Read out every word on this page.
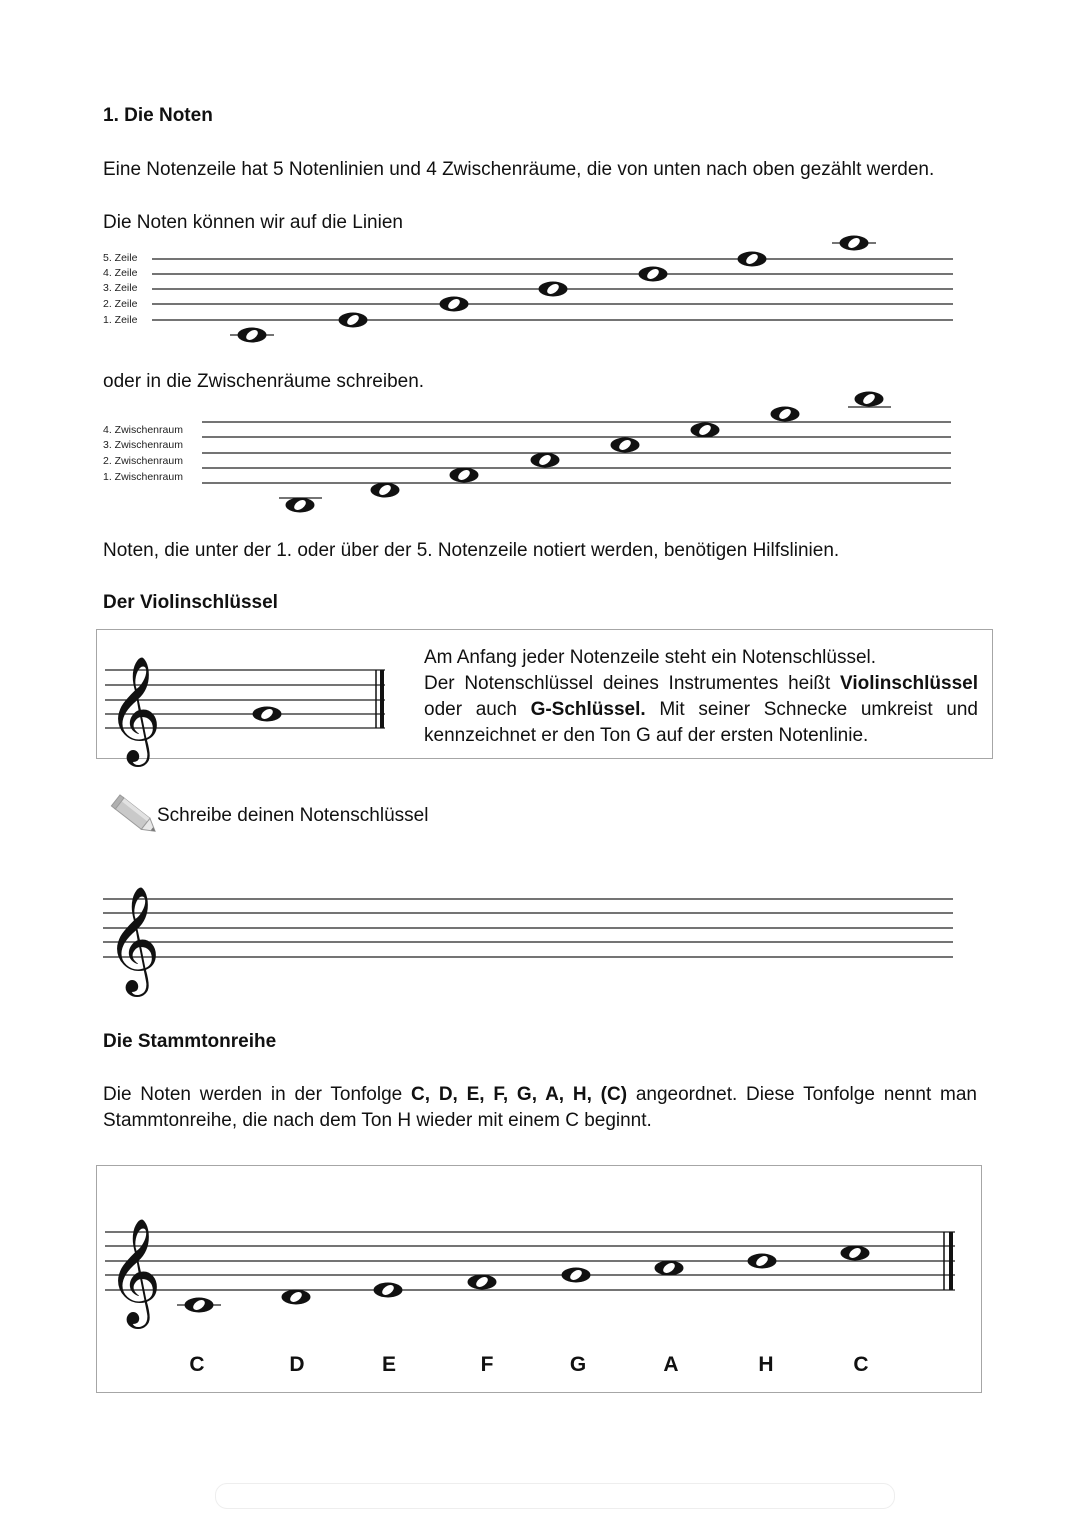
1. Die Noten
Eine Notenzeile hat 5 Notenlinien und 4 Zwischenräume, die von unten nach oben gezählt werden.
Die Noten können wir auf die Linien
5. Zeile
4. Zeile
3. Zeile
2. Zeile
1. Zeile
oder in die Zwischenräume schreiben.
4. Zwischenraum
3. Zwischenraum
2. Zwischenraum
1. Zwischenraum
Noten, die unter der 1. oder über der 5. Notenzeile notiert werden, benötigen Hilfslinien.
Der Violinschlüssel
𝄞	Am Anfang jeder Notenzeile steht ein Notenschlüssel.
Der Notenschlüssel deines Instrumentes heißt Violinschlüssel oder auch G-Schlüssel. Mit seiner Schnecke umkreist und kennzeichnet er den Ton G auf der ersten Notenlinie.
Schreibe deinen Notenschlüssel
𝄞
Die Stammtonreihe
Die Noten werden in der Tonfolge C, D, E, F, G, A, H, (C) angeordnet. Diese Tonfolge nennt man Stammtonreihe, die nach dem Ton H wieder mit einem C beginnt.
𝄞
C	D	E	F	G	A	H	C
